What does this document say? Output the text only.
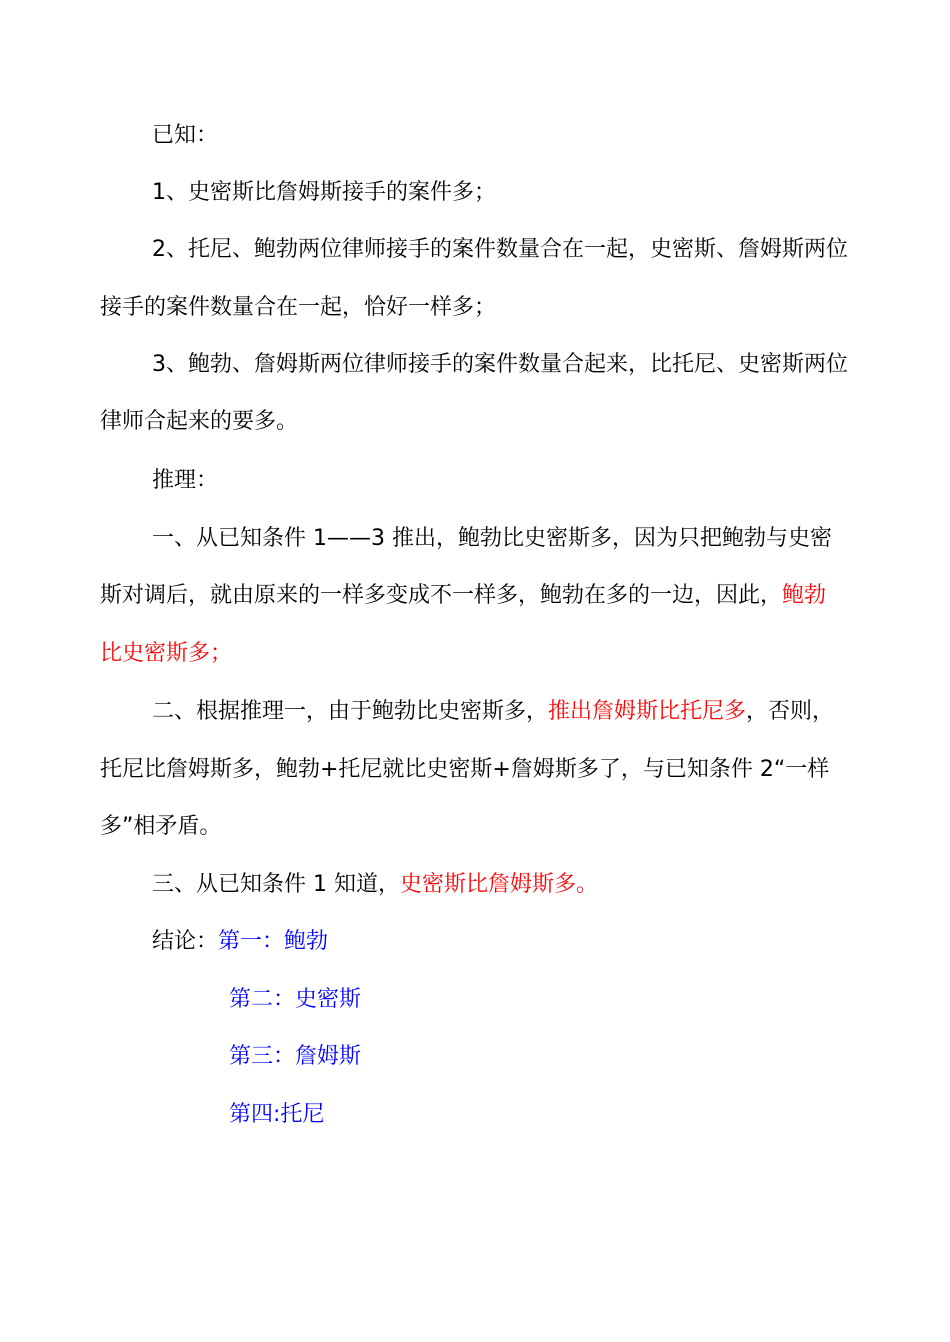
已知：
1、史密斯比詹姆斯接手的案件多；
2、托尼、鲍勃两位律师接手的案件数量合在一起，史密斯、詹姆斯两位
接手的案件数量合在一起，恰好一样多；
3、鲍勃、詹姆斯两位律师接手的案件数量合起来，比托尼、史密斯两位
律师合起来的要多。
推理：
一、从已知条件 1——3 推出，鲍勃比史密斯多，因为只把鲍勃与史密
斯对调后，就由原来的一样多变成不一样多，鲍勃在多的一边，因此，鲍勃
比史密斯多；
二、根据推理一，由于鲍勃比史密斯多，推出詹姆斯比托尼多，否则，
托尼比詹姆斯多，鲍勃+托尼就比史密斯+詹姆斯多了，与已知条件 2“一样
多”相矛盾。
三、从已知条件 1 知道，史密斯比詹姆斯多。
结论：第一：鲍勃
第二：史密斯
第三：詹姆斯
第四:托尼
